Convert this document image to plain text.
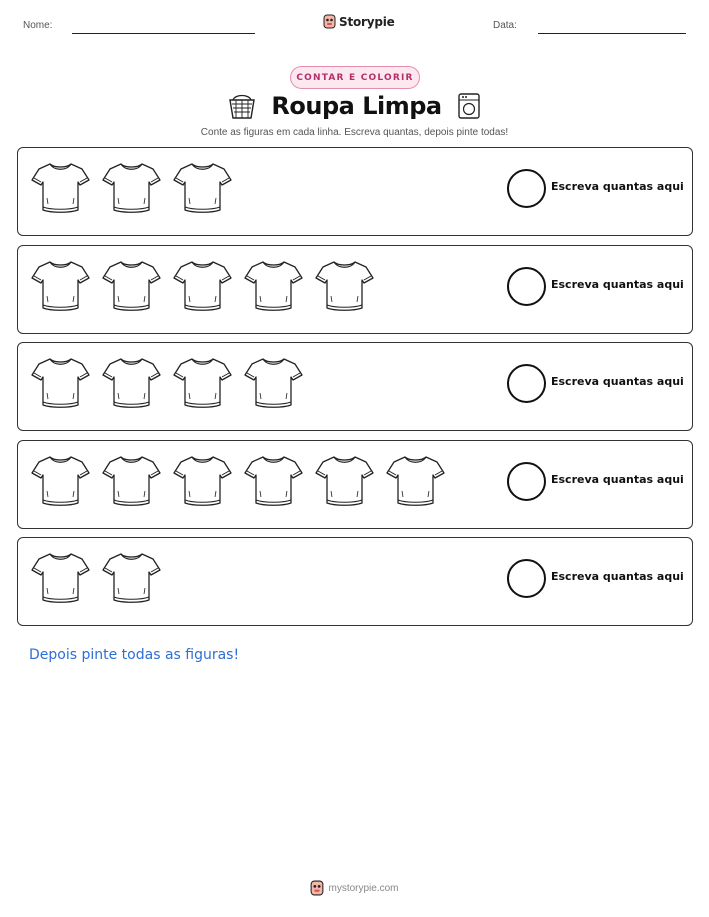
Nome:	Storypie	Data:
CONTAR E COLORIR
Roupa Limpa
Conte as figuras em cada linha. Escreva quantas, depois pinte todas!
Escreva quantas aqui
Escreva quantas aqui
Escreva quantas aqui
Escreva quantas aqui
Escreva quantas aqui
Depois pinte todas as figuras!
mystorypie.com
